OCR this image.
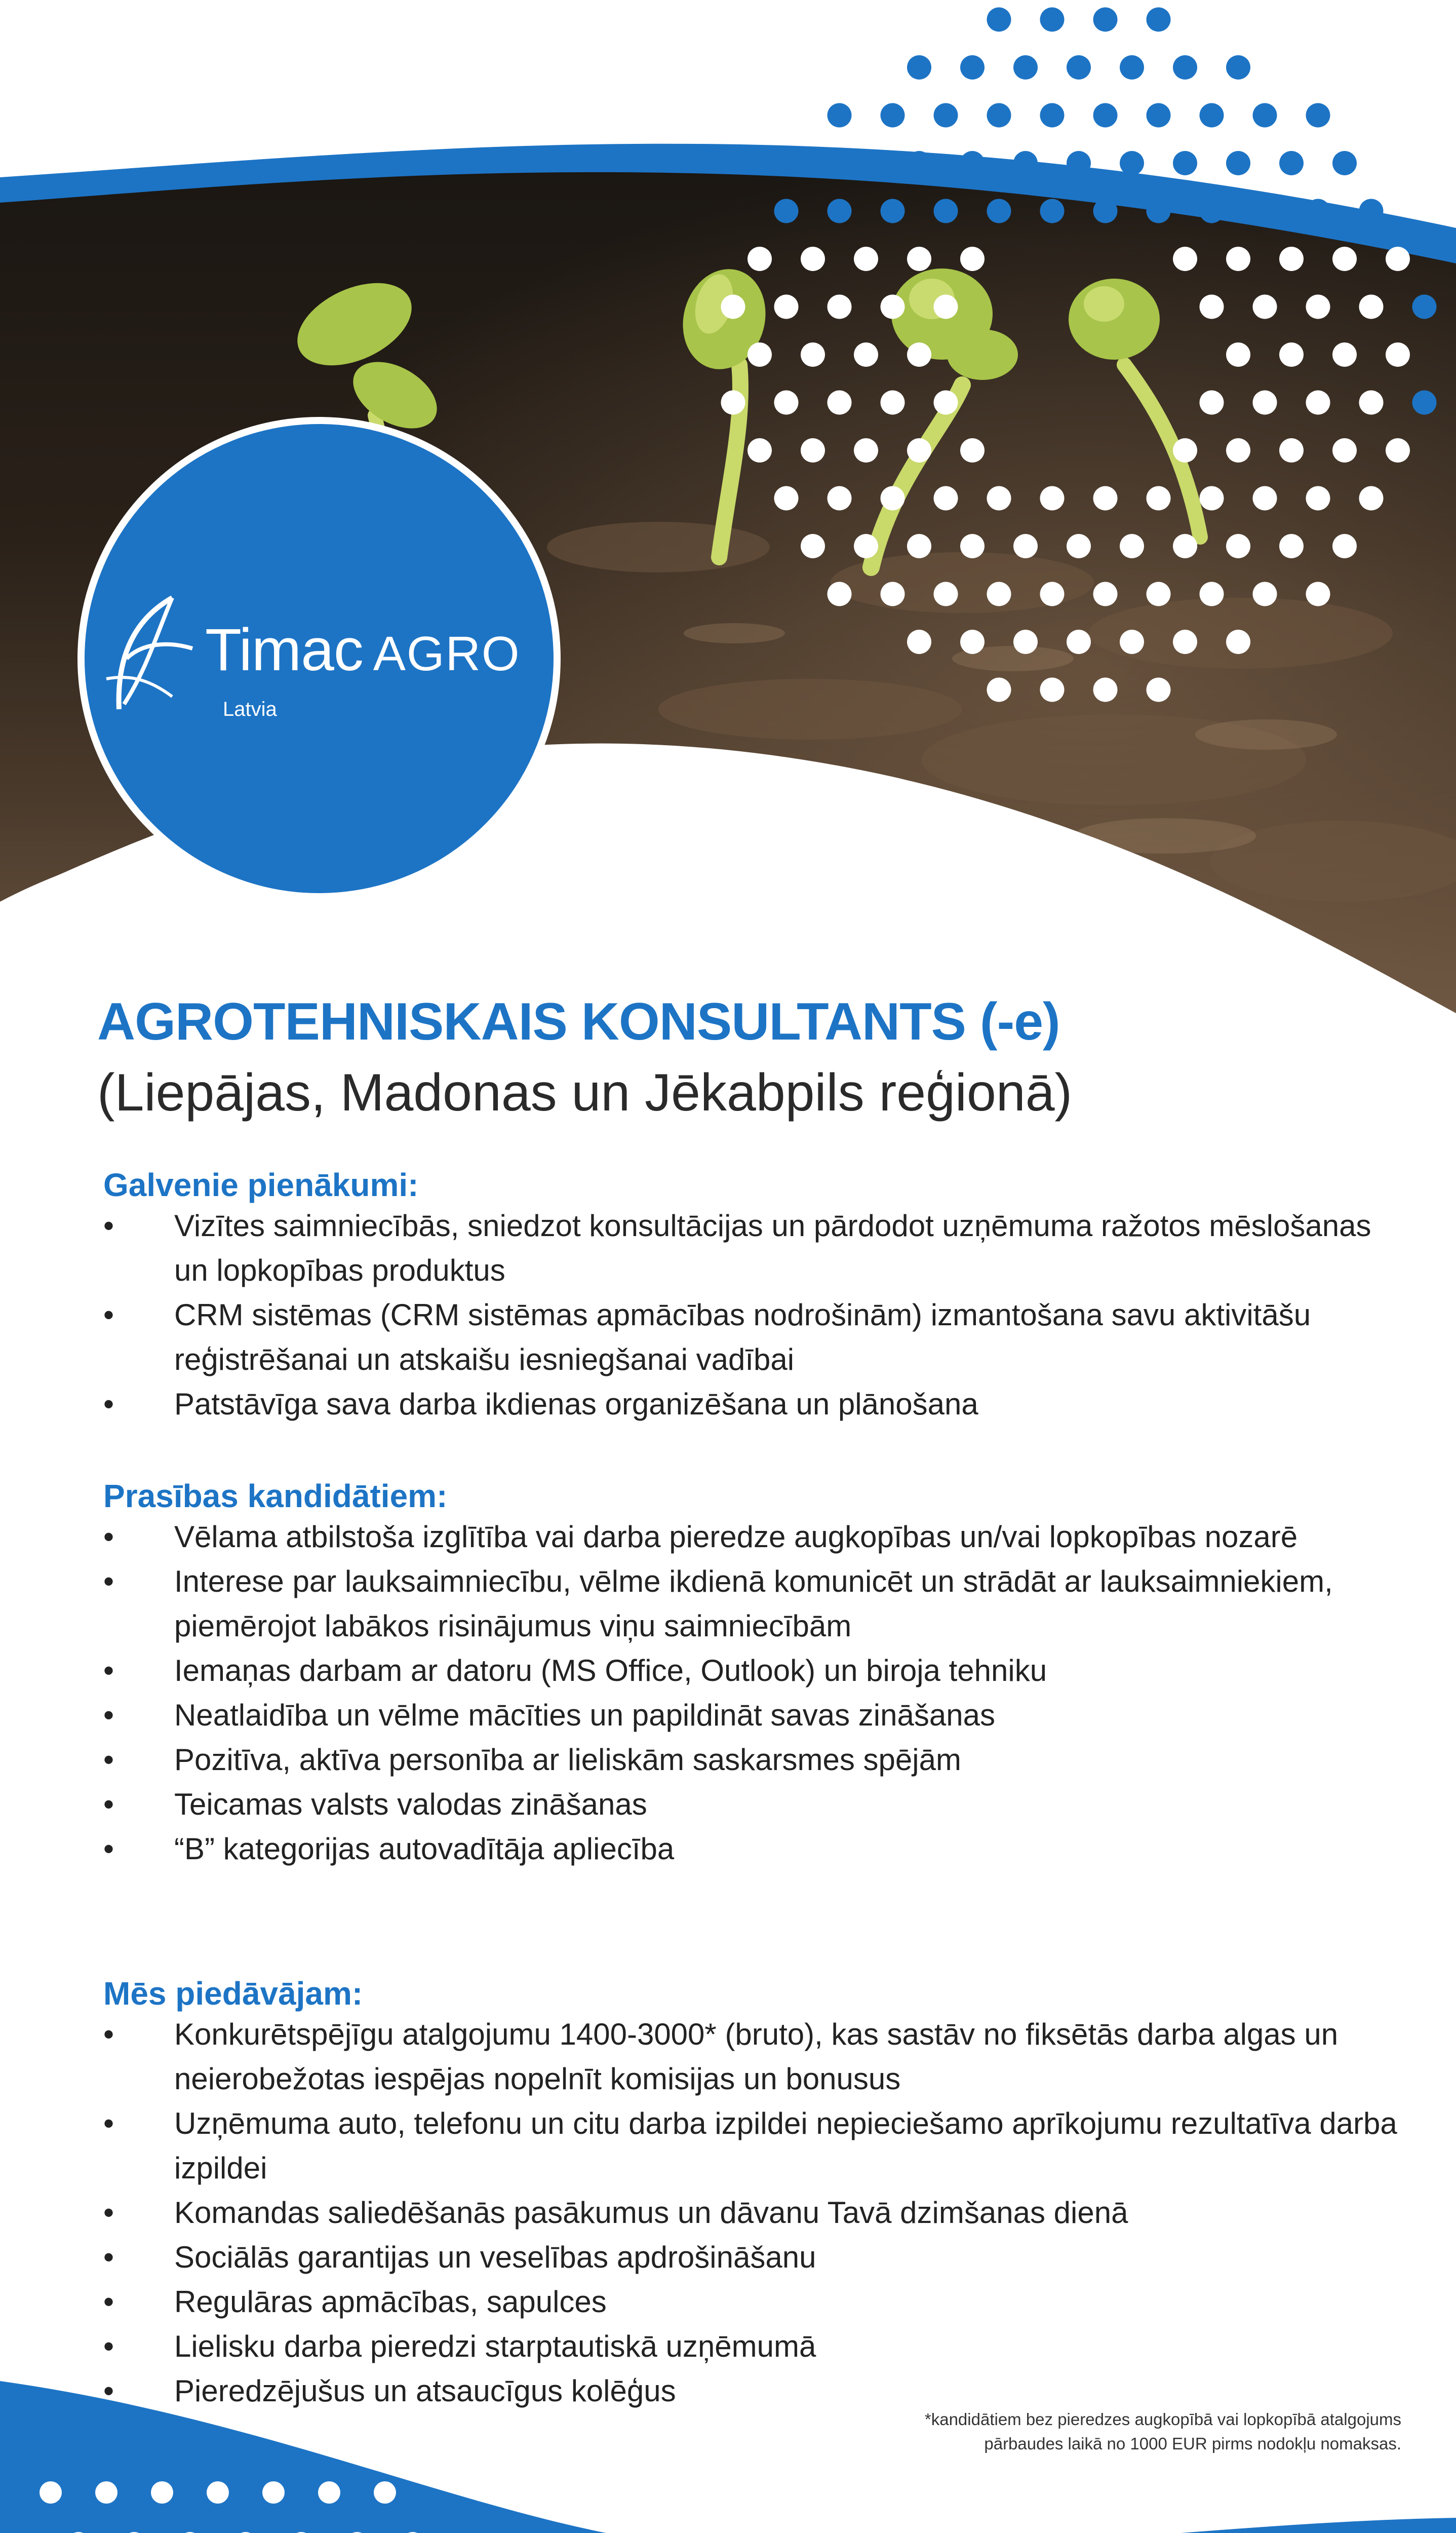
Timac AGRO
Latvia
AGROTEHNISKAIS KONSULTANTS (-e)
(Liepājas, Madonas un Jēkabpils reģionā)
Galvenie pienākumi:
• Vizītes saimniecībās, sniedzot konsultācijas un pārdodot uzņēmuma ražotos mēslošanas un lopkopības produktus
• CRM sistēmas (CRM sistēmas apmācības nodrošinām) izmantošana savu aktivitāšu reģistrēšanai un atskaišu iesniegšanai vadībai
• Patstāvīga sava darba ikdienas organizēšana un plānošana
Prasības kandidātiem:
• Vēlama atbilstoša izglītība vai darba pieredze augkopības un/vai lopkopības nozarē
• Interese par lauksaimniecību, vēlme ikdienā komunicēt un strādāt ar lauksaimniekiem, piemērojot labākos risinājumus viņu saimniecībām
• Iemaņas darbam ar datoru (MS Office, Outlook) un biroja tehniku
• Neatlaidība un vēlme mācīties un papildināt savas zināšanas
• Pozitīva, aktīva personība ar lieliskām saskarsmes spējām
• Teicamas valsts valodas zināšanas
• “B” kategorijas autovadītāja apliecība
Mēs piedāvājam:
• Konkurētspējīgu atalgojumu 1400-3000* (bruto), kas sastāv no fiksētās darba algas un neierobežotas iespējas nopelnīt komisijas un bonusus
• Uzņēmuma auto, telefonu un citu darba izpildei nepieciešamo aprīkojumu rezultatīva darba izpildei
• Komandas saliedēšanās pasākumus un dāvanu Tavā dzimšanas dienā
• Sociālās garantijas un veselības apdrošināšanu
• Regulāras apmācības, sapulces
• Lielisku darba pieredzi starptautiskā uzņēmumā
• Pieredzējušus un atsaucīgus kolēģus
*kandidātiem bez pieredzes augkopībā vai lopkopībā atalgojums pārbaudes laikā no 1000 EUR pirms nodokļu nomaksas.
